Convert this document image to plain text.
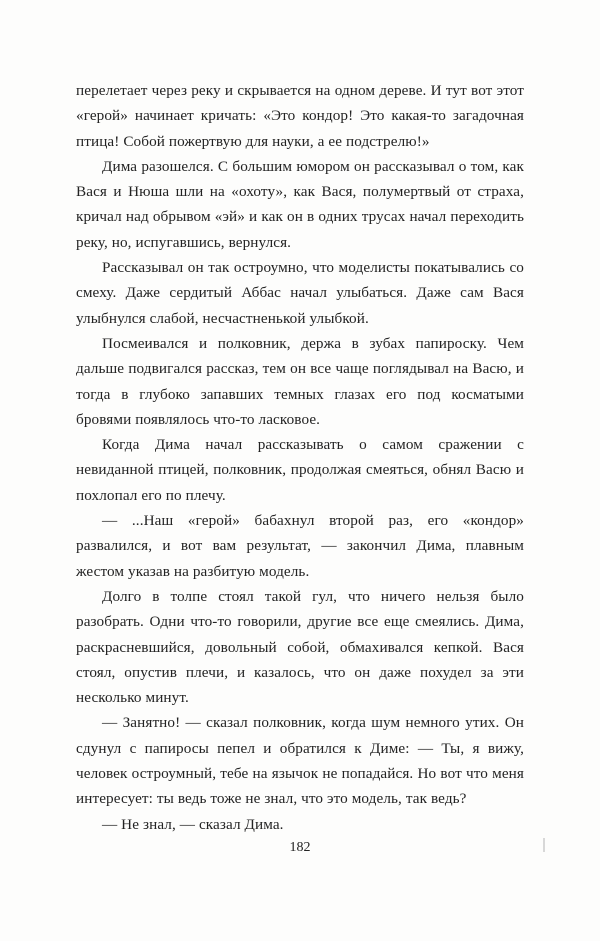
перелетает через реку и скрывается на одном дереве. И тут вот этот «герой» начинает кричать: «Это кондор! Это какая-то загадочная птица! Собой пожертвую для науки, а ее подстрелю!»

Дима разошелся. С большим юмором он рассказывал о том, как Вася и Нюша шли на «охоту», как Вася, полумертвый от страха, кричал над обрывом «эй» и как он в одних трусах начал переходить реку, но, испугавшись, вернулся.

Рассказывал он так остроумно, что моделисты покатывались со смеху. Даже сердитый Аббас начал улыбаться. Даже сам Вася улыбнулся слабой, несчастненькой улыбкой.

Посмеивался и полковник, держа в зубах папироску. Чем дальше подвигался рассказ, тем он все чаще поглядывал на Васю, и тогда в глубоко запавших темных глазах его под косматыми бровями появлялось что-то ласковое.

Когда Дима начал рассказывать о самом сражении с невиданной птицей, полковник, продолжая смеяться, обнял Васю и похлопал его по плечу.

— ...Наш «герой» бабахнул второй раз, его «кондор» развалился, и вот вам результат, — закончил Дима, плавным жестом указав на разбитую модель.

Долго в толпе стоял такой гул, что ничего нельзя было разобрать. Одни что-то говорили, другие все еще смеялись. Дима, раскрасневшийся, довольный собой, обмахивался кепкой. Вася стоял, опустив плечи, и казалось, что он даже похудел за эти несколько минут.

— Занятно! — сказал полковник, когда шум немного утих. Он сдунул с папиросы пепел и обратился к Диме: — Ты, я вижу, человек остроумный, тебе на язычок не попадайся. Но вот что меня интересует: ты ведь тоже не знал, что это модель, так ведь?

— Не знал, — сказал Дима.

182
